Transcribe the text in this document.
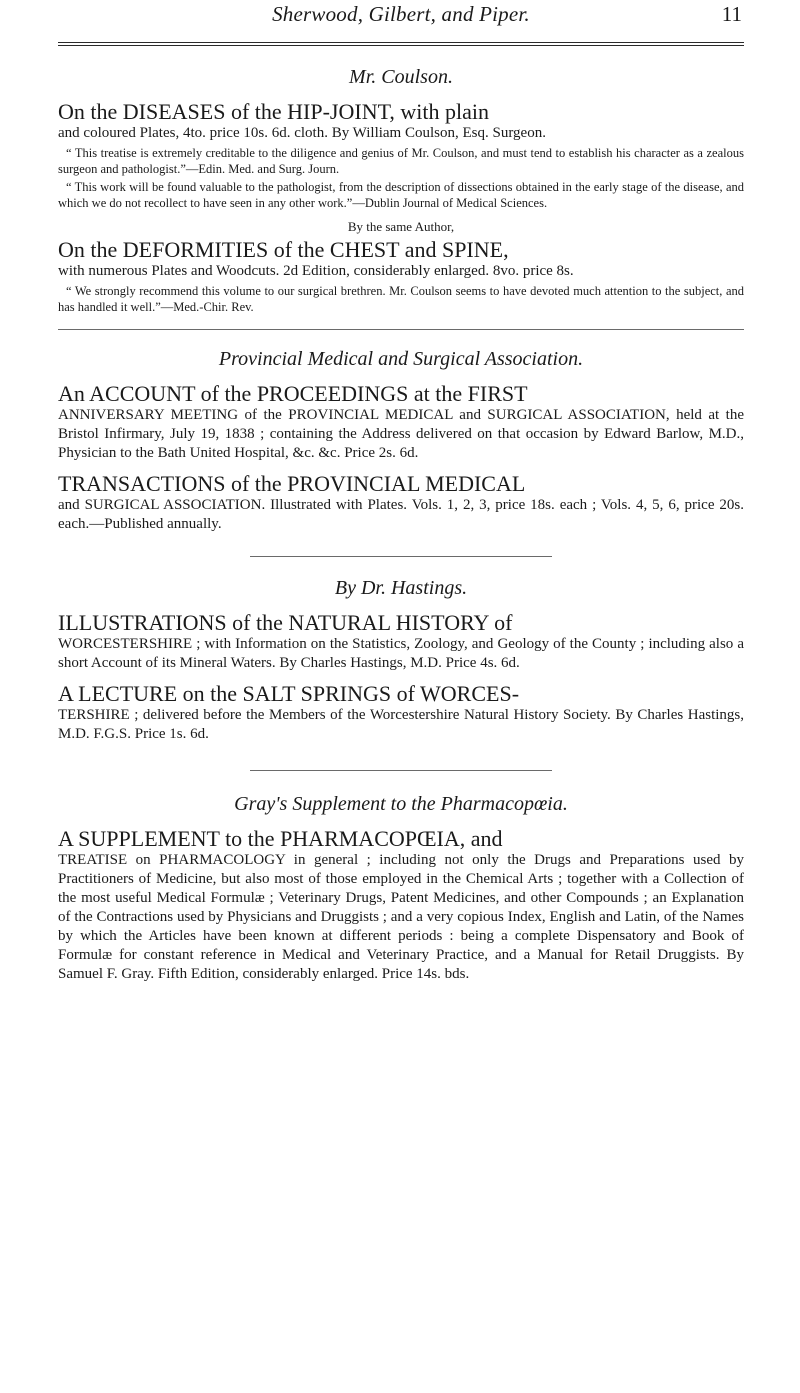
Sherwood, Gilbert, and Piper.	11
Mr. Coulson.

On the DISEASES of the HIP-JOINT, with plain

and coloured Plates, 4to. price 10s. 6d. cloth. By William Coulson, Esq. Surgeon.

“ This treatise is extremely creditable to the diligence and genius of Mr. Coulson, and must tend to establish his character as a zealous surgeon and pathologist.”—Edin. Med. and Surg. Journ.

“ This work will be found valuable to the pathologist, from the description of dissections obtained in the early stage of the disease, and which we do not recollect to have seen in any other work.”—Dublin Journal of Medical Sciences.

By the same Author,

On the DEFORMITIES of the CHEST and SPINE,

with numerous Plates and Woodcuts. 2d Edition, considerably enlarged. 8vo. price 8s.

“ We strongly recommend this volume to our surgical brethren. Mr. Coulson seems to have devoted much attention to the subject, and has handled it well.”—Med.-Chir. Rev.

Provincial Medical and Surgical Association.

An ACCOUNT of the PROCEEDINGS at the FIRST

ANNIVERSARY MEETING of the PROVINCIAL MEDICAL and SURGICAL ASSOCIATION, held at the Bristol Infirmary, July 19, 1838 ; containing the Address delivered on that occasion by Edward Barlow, M.D., Physician to the Bath United Hospital, &c. &c. Price 2s. 6d.

TRANSACTIONS of the PROVINCIAL MEDICAL

and SURGICAL ASSOCIATION. Illustrated with Plates. Vols. 1, 2, 3, price 18s. each ; Vols. 4, 5, 6, price 20s. each.—Published annually.

By Dr. Hastings.

ILLUSTRATIONS of the NATURAL HISTORY of

WORCESTERSHIRE ; with Information on the Statistics, Zoology, and Geology of the County ; including also a short Account of its Mineral Waters. By Charles Hastings, M.D. Price 4s. 6d.

A LECTURE on the SALT SPRINGS of WORCES-

TERSHIRE ; delivered before the Members of the Worcestershire Natural History Society. By Charles Hastings, M.D. F.G.S. Price 1s. 6d.

Gray's Supplement to the Pharmacopœia.

A SUPPLEMENT to the PHARMACOPŒIA, and

TREATISE on PHARMACOLOGY in general ; including not only the Drugs and Preparations used by Practitioners of Medicine, but also most of those employed in the Chemical Arts ; together with a Collection of the most useful Medical Formulæ ; Veterinary Drugs, Patent Medicines, and other Compounds ; an Explanation of the Contractions used by Physicians and Druggists ; and a very copious Index, English and Latin, of the Names by which the Articles have been known at different periods : being a complete Dispensatory and Book of Formulæ for constant reference in Medical and Veterinary Practice, and a Manual for Retail Druggists. By Samuel F. Gray. Fifth Edition, considerably enlarged. Price 14s. bds.
